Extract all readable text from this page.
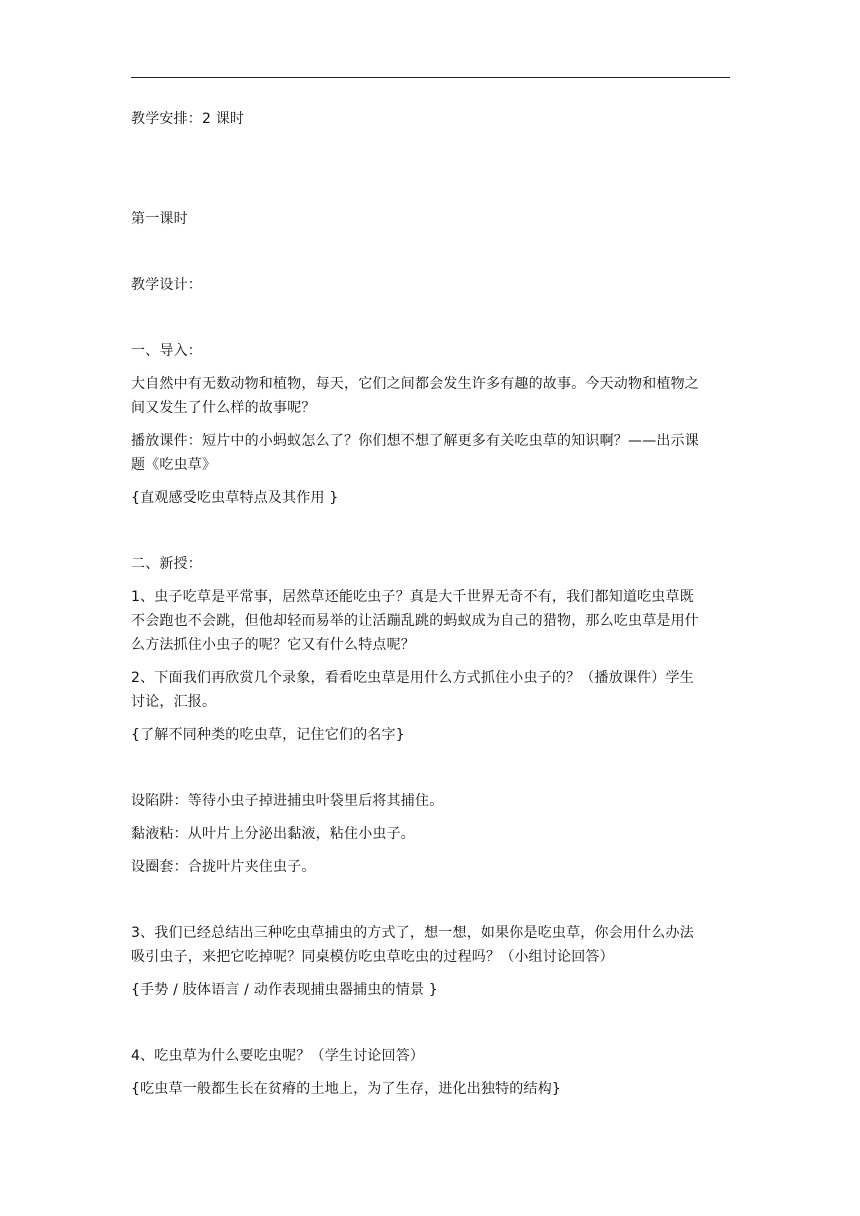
教学安排：2 课时
第一课时
教学设计：
一、导入：
大自然中有无数动物和植物，每天，它们之间都会发生许多有趣的故事。今天动物和植物之
间又发生了什么样的故事呢？
播放课件：短片中的小蚂蚁怎么了？你们想不想了解更多有关吃虫草的知识啊？——出示课
题《吃虫草》
{直观感受吃虫草特点及其作用 }
二、新授：
1、虫子吃草是平常事，居然草还能吃虫子？真是大千世界无奇不有，我们都知道吃虫草既
不会跑也不会跳，但他却轻而易举的让活蹦乱跳的蚂蚁成为自己的猎物，那么吃虫草是用什
么方法抓住小虫子的呢？它又有什么特点呢？
2、下面我们再欣赏几个录象，看看吃虫草是用什么方式抓住小虫子的？（播放课件）学生
讨论，汇报。
{了解不同种类的吃虫草，记住它们的名字}
设陷阱：等待小虫子掉进捕虫叶袋里后将其捕住。
黏液粘：从叶片上分泌出黏液，粘住小虫子。
设圈套：合拢叶片夹住虫子。
3、我们已经总结出三种吃虫草捕虫的方式了，想一想，如果你是吃虫草，你会用什么办法
吸引虫子，来把它吃掉呢？同桌模仿吃虫草吃虫的过程吗？（小组讨论回答）
{手势 / 肢体语言 / 动作表现捕虫器捕虫的情景 }
4、吃虫草为什么要吃虫呢？（学生讨论回答）
{吃虫草一般都生长在贫瘠的土地上，为了生存，进化出独特的结构}
